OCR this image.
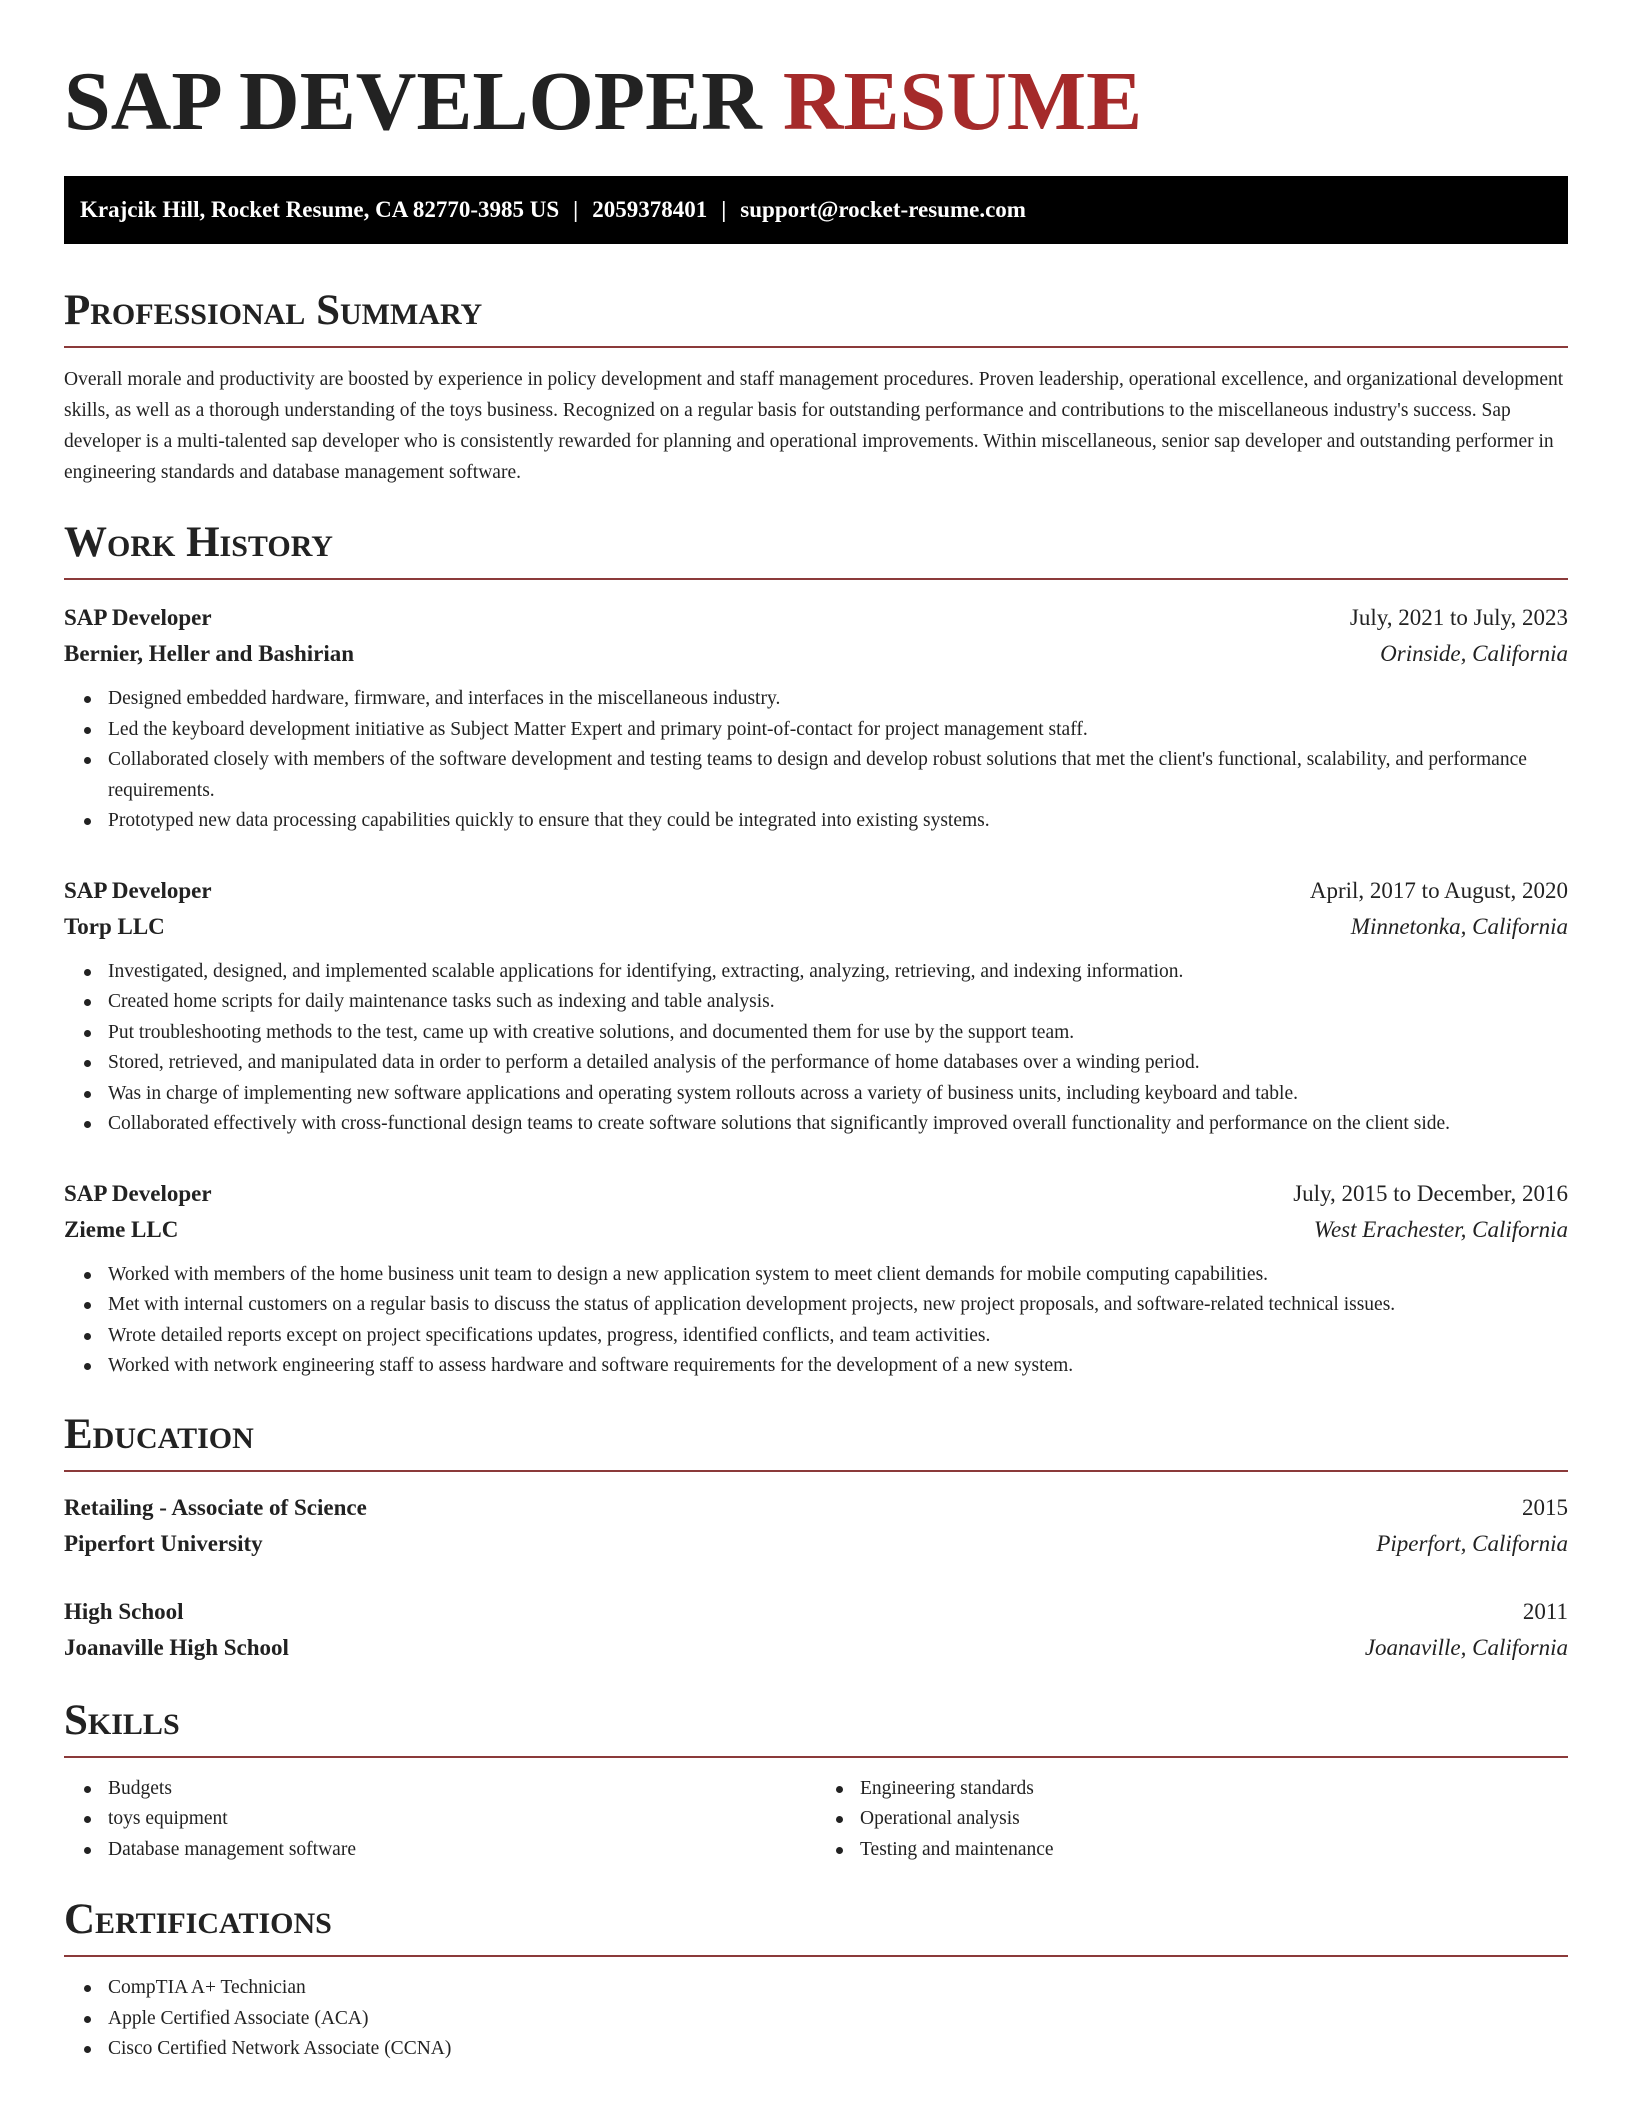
SAP DEVELOPER RESUME
Krajcik Hill, Rocket Resume, CA 82770-3985 US | 2059378401 | support@rocket-resume.com
Professional Summary

Overall morale and productivity are boosted by experience in policy development and staff management procedures. Proven leadership, operational excellence, and organizational development skills, as well as a thorough understanding of the toys business. Recognized on a regular basis for outstanding performance and contributions to the miscellaneous industry's success. Sap developer is a multi-talented sap developer who is consistently rewarded for planning and operational improvements. Within miscellaneous, senior sap developer and outstanding performer in engineering standards and database management software.

Work History
SAP Developer	July, 2021 to July, 2023
Bernier, Heller and Bashirian	Orinside, California
Designed embedded hardware, firmware, and interfaces in the miscellaneous industry.
Led the keyboard development initiative as Subject Matter Expert and primary point-of-contact for project management staff.
Collaborated closely with members of the software development and testing teams to design and develop robust solutions that met the client's functional, scalability, and performance requirements.
Prototyped new data processing capabilities quickly to ensure that they could be integrated into existing systems.
SAP Developer	April, 2017 to August, 2020
Torp LLC	Minnetonka, California
Investigated, designed, and implemented scalable applications for identifying, extracting, analyzing, retrieving, and indexing information.
Created home scripts for daily maintenance tasks such as indexing and table analysis.
Put troubleshooting methods to the test, came up with creative solutions, and documented them for use by the support team.
Stored, retrieved, and manipulated data in order to perform a detailed analysis of the performance of home databases over a winding period.
Was in charge of implementing new software applications and operating system rollouts across a variety of business units, including keyboard and table.
Collaborated effectively with cross-functional design teams to create software solutions that significantly improved overall functionality and performance on the client side.
SAP Developer	July, 2015 to December, 2016
Zieme LLC	West Erachester, California
Worked with members of the home business unit team to design a new application system to meet client demands for mobile computing capabilities.
Met with internal customers on a regular basis to discuss the status of application development projects, new project proposals, and software-related technical issues.
Wrote detailed reports except on project specifications updates, progress, identified conflicts, and team activities.
Worked with network engineering staff to assess hardware and software requirements for the development of a new system.
Education
Retailing - Associate of Science	2015
Piperfort University	Piperfort, California
High School	2011
Joanaville High School	Joanaville, California
Skills
Budgets
toys equipment
Database management software
Engineering standards
Operational analysis
Testing and maintenance
Certifications
CompTIA A+ Technician
Apple Certified Associate (ACA)
Cisco Certified Network Associate (CCNA)
